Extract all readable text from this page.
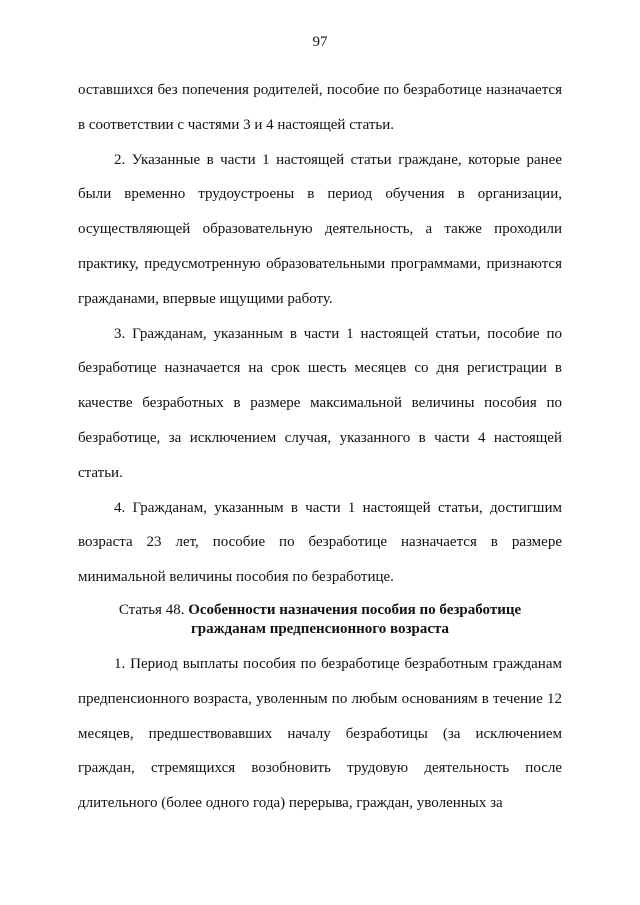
97

оставшихся без попечения родителей, пособие по безработице назначается в соответствии с частями 3 и 4 настоящей статьи.

2. Указанные в части 1 настоящей статьи граждане, которые ранее были временно трудоустроены в период обучения в организации, осуществляющей образовательную деятельность, а также проходили практику, предусмотренную образовательными программами, признаются гражданами, впервые ищущими работу.

3. Гражданам, указанным в части 1 настоящей статьи, пособие по безработице назначается на срок шесть месяцев со дня регистрации в качестве безработных в размере максимальной величины пособия по безработице, за исключением случая, указанного в части 4 настоящей статьи.

4. Гражданам, указанным в части 1 настоящей статьи, достигшим возраста 23 лет, пособие по безработице назначается в размере минимальной величины пособия по безработице.

Статья 48. Особенности назначения пособия по безработице
гражданам предпенсионного возраста

1. Период выплаты пособия по безработице безработным гражданам предпенсионного возраста, уволенным по любым основаниям в течение 12 месяцев, предшествовавших началу безработицы (за исключением граждан, стремящихся возобновить трудовую деятельность после длительного (более одного года) перерыва, граждан, уволенных за
